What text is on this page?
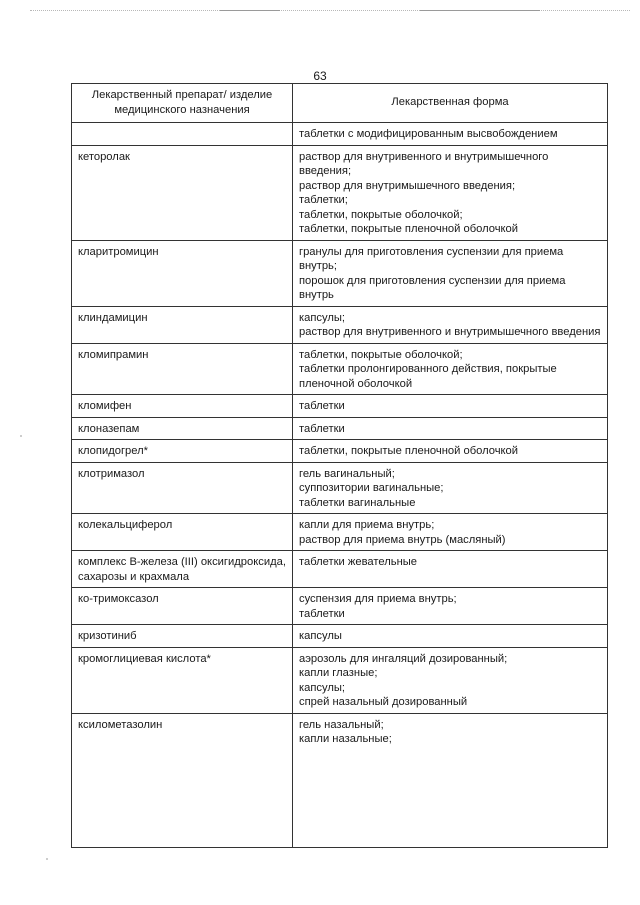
63
Лекарственный препарат/ изделие медицинского назначения	Лекарственная форма

	таблетки с модифицированным высвобождением

кеторолак	раствор для внутривенного и внутримышечного введения;
раствор для внутримышечного введения;
таблетки;
таблетки, покрытые оболочкой;
таблетки, покрытые пленочной оболочкой

кларитромицин	гранулы для приготовления суспензии для приема внутрь;
порошок для приготовления суспензии для приема внутрь

клиндамицин	капсулы;
раствор для внутривенного и внутримышечного введения

кломипрамин	таблетки, покрытые оболочкой;
таблетки пролонгированного действия, покрытые пленочной оболочкой

кломифен	таблетки

клоназепам	таблетки

клопидогрел*	таблетки, покрытые пленочной оболочкой

клотримазол	гель вагинальный;
суппозитории вагинальные;
таблетки вагинальные

колекальциферол	капли для приема внутрь;
раствор для приема внутрь (масляный)

комплекс В-железа (III) оксигидроксида, сахарозы и крахмала	таблетки жевательные

ко-тримоксазол	суспензия для приема внутрь;
таблетки

кризотиниб	капсулы

кромоглициевая кислота*	аэрозоль для ингаляций дозированный;
капли глазные;
капсулы;
спрей назальный дозированный

ксилометазолин	гель назальный;
капли назальные;
